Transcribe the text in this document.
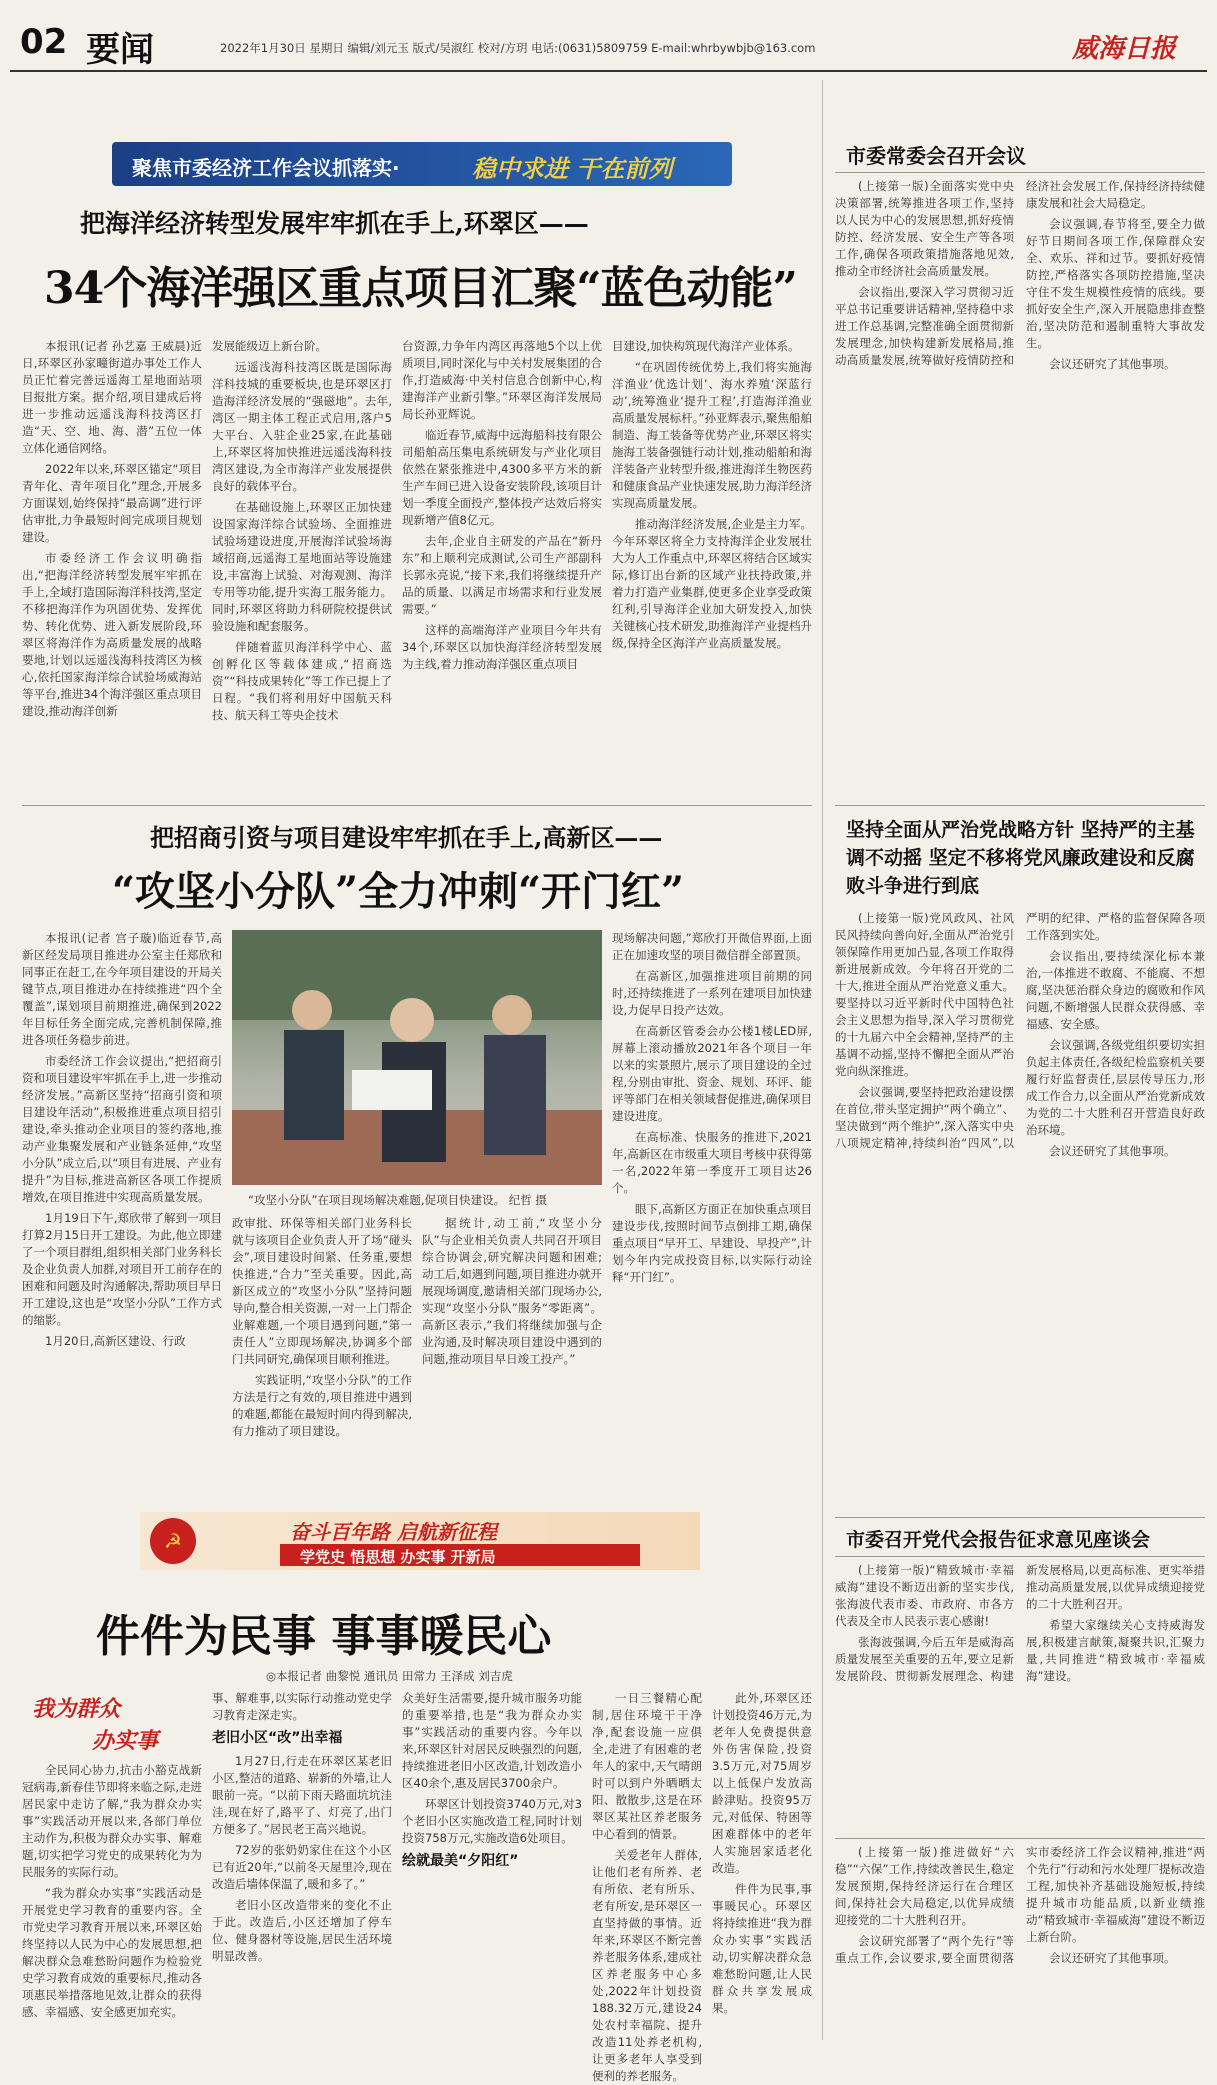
02 要闻	2022年1月30日 星期日 编辑/刘元玉 版式/吴淑红 校对/方玥 电话:(0631)5809759 E-mail:whrbywbjb@163.com	威海日报
聚焦市委经济工作会议抓落实·	稳中求进 干在前列
把海洋经济转型发展牢牢抓在手上,环翠区——
34个海洋强区重点项目汇聚“蓝色动能”

本报讯(记者 孙艺嘉 王威晨)近日,环翠区孙家疃街道办事处工作人员正忙着完善远遥海工星地面站项目报批方案。据介绍,项目建成后将进一步推动远遥浅海科技湾区打造“天、空、地、海、潜”五位一体立体化通信网络。

2022年以来,环翠区锚定“项目青年化、青年项目化”理念,开展多方面谋划,始终保持“最高调”进行评估审批,力争最短时间完成项目规划建设。

市委经济工作会议明确指出,“把海洋经济转型发展牢牢抓在手上,全域打造国际海洋科技湾,坚定不移把海洋作为巩固优势、发挥优势、转化优势、进入新发展阶段,环翠区将海洋作为高质量发展的战略要地,计划以远遥浅海科技湾区为核心,依托国家海洋综合试验场威海站等平台,推进34个海洋强区重点项目建设,推动海洋创新

发展能级迈上新台阶。

远遥浅海科技湾区既是国际海洋科技城的重要板块,也是环翠区打造海洋经济发展的“强磁地”。去年,湾区一期主体工程正式启用,落户5大平台、入驻企业25家,在此基础上,环翠区将加快推进远遥浅海科技湾区建设,为全市海洋产业发展提供良好的载体平台。

在基础设施上,环翠区正加快建设国家海洋综合试验场、全面推进试验场建设进度,开展海洋试验场海域招商,远遥海工星地面站等设施建设,丰富海上试验、对海观测、海洋专用等功能,提升实海工服务能力。同时,环翠区将助力科研院校提供试验设施和配套服务。

伴随着蓝贝海洋科学中心、蓝创孵化区等载体建成,“招商选资”“科技成果转化”等工作已提上了日程。“我们将利用好中国航天科技、航天科工等央企技术

台资源,力争年内湾区再落地5个以上优质项目,同时深化与中关村发展集团的合作,打造威海·中关村信息合创新中心,构建海洋产业新引擎。”环翠区海洋发展局局长孙亚辉说。

临近春节,威海中远海船科技有限公司船舶高压集电系统研发与产业化项目依然在紧张推进中,4300多平方米的新生产车间已进入设备安装阶段,该项目计划一季度全面投产,整体投产达效后将实现新增产值8亿元。

去年,企业自主研发的产品在“新丹东”和上顺利完成测试,公司生产部副科长郭永亮说,“接下来,我们将继续提升产品的质量、以满足市场需求和行业发展需要。”

这样的高端海洋产业项目今年共有34个,环翠区以加快海洋经济转型发展为主线,着力推动海洋强区重点项目

目建设,加快构筑现代海洋产业体系。

“在巩固传统优势上,我们将实施海洋渔业‘优选计划’、海水养殖‘深蓝行动’,统筹渔业‘提升工程’,打造海洋渔业高质量发展标杆。”孙亚辉表示,聚焦船舶制造、海工装备等优势产业,环翠区将实施海工装备强链行动计划,推动船舶和海洋装备产业转型升级,推进海洋生物医药和健康食品产业快速发展,助力海洋经济实现高质量发展。

推动海洋经济发展,企业是主力军。今年环翠区将全力支持海洋企业发展壮大为人工作重点中,环翠区将结合区域实际,修订出台新的区域产业扶持政策,并着力打造产业集群,使更多企业享受政策红利,引导海洋企业加大研发投入,加快关键核心技术研发,助推海洋产业提档升级,保持全区海洋产业高质量发展。

把招商引资与项目建设牢牢抓在手上,高新区——
“攻坚小分队”全力冲刺“开门红”

本报讯(记者 宫子璇)临近春节,高新区经发局项目推进办公室主任郑欣和同事正在赶工,在今年项目建设的开局关键节点,项目推进办在持续推进“四个全覆盖”,谋划项目前期推进,确保到2022年目标任务全面完成,完善机制保障,推进各项任务稳步前进。

市委经济工作会议提出,“把招商引资和项目建设牢牢抓在手上,进一步推动经济发展。”高新区坚持“招商引资和项目建设年活动”,积极推进重点项目招引建设,牵头推动企业项目的签约落地,推动产业集聚发展和产业链条延伸,“攻坚小分队”成立后,以“项目有进展、产业有提升”为目标,推进高新区各项工作提质增效,在项目推进中实现高质量发展。

1月19日下午,郑欣带了解到一项目打算2月15日开工建设。为此,他立即建了一个项目群组,组织相关部门业务科长及企业负责人加群,对项目开工前存在的困难和问题及时沟通解决,帮助项目早日开工建设,这也是“攻坚小分队”工作方式的缩影。

1月20日,高新区建设、行政

“攻坚小分队”在项目现场解决难题,促项目快建设。 纪哲 摄

政审批、环保等相关部门业务科长就与该项目企业负责人开了场“碰头会”,项目建设时间紧、任务重,要想快推进,“合力”至关重要。因此,高新区成立的“攻坚小分队”坚持问题导向,整合相关资源,一对一上门帮企业解难题,一个项目遇到问题,“第一责任人”立即现场解决,协调多个部门共同研究,确保项目顺利推进。

实践证明,“攻坚小分队”的工作方法是行之有效的,项目推进中遇到的难题,都能在最短时间内得到解决,有力推动了项目建设。

据统计,动工前,“攻坚小分队”与企业相关负责人共同召开项目综合协调会,研究解决问题和困难;动工后,如遇到问题,项目推进办就开展现场调度,邀请相关部门现场办公,实现“攻坚小分队”服务“零距离”。高新区表示,“我们将继续加强与企业沟通,及时解决项目建设中遇到的问题,推动项目早日竣工投产。”

现场解决问题,”郑欣打开微信界面,上面正在加速攻坚的项目微信群全部置顶。

在高新区,加强推进项目前期的同时,还持续推进了一系列在建项目加快建设,力促早日投产达效。

在高新区管委会办公楼1楼LED屏,屏幕上滚动播放2021年各个项目一年以来的实景照片,展示了项目建设的全过程,分别由审批、资金、规划、环评、能评等部门在相关领域督促推进,确保项目建设进度。

在高标准、快服务的推进下,2021年,高新区在市级重大项目考核中获得第一名,2022年第一季度开工项目达26个。

眼下,高新区方面正在加快重点项目建设步伐,按照时间节点倒排工期,确保重点项目“早开工、早建设、早投产”,计划今年内完成投资目标,以实际行动诠释“开门红”。

☭	奋斗百年路 启航新征程
学党史 悟思想 办实事 开新局
件件为民事 事事暖民心
◎本报记者 曲黎悦 通讯员 田常力 王泽成 刘吉虎
我为群众
办实事

全民同心协力,抗击小豁克战新冠病毒,新春佳节即将来临之际,走进居民家中走访了解,“我为群众办实事”实践活动开展以来,各部门单位主动作为,积极为群众办实事、解难题,切实把学习党史的成果转化为为民服务的实际行动。

“我为群众办实事”实践活动是开展党史学习教育的重要内容。全市党史学习教育开展以来,环翠区始终坚持以人民为中心的发展思想,把解决群众急难愁盼问题作为检验党史学习教育成效的重要标尺,推动各项惠民举措落地见效,让群众的获得感、幸福感、安全感更加充实。

事、解难事,以实际行动推动党史学习教育走深走实。

老旧小区“改”出幸福

1月27日,行走在环翠区某老旧小区,整洁的道路、崭新的外墙,让人眼前一亮。“以前下雨天路面坑坑洼洼,现在好了,路平了、灯亮了,出门方便多了。”居民老王高兴地说。

72岁的张奶奶家住在这个小区已有近20年,“以前冬天屋里冷,现在改造后墙体保温了,暖和多了。”

老旧小区改造带来的变化不止于此。改造后,小区还增加了停车位、健身器材等设施,居民生活环境明显改善。

众美好生活需要,提升城市服务功能的重要举措,也是“我为群众办实事”实践活动的重要内容。今年以来,环翠区针对居民反映强烈的问题,持续推进老旧小区改造,计划改造小区40余个,惠及居民3700余户。

环翠区计划投资3740万元,对3个老旧小区实施改造工程,同时计划投资758万元,实施改造6处项目。

绘就最美“夕阳红”

一日三餐精心配制,居住环境干干净净,配套设施一应俱全,走进了有困难的老年人的家中,天气晴朗时可以到户外晒晒太阳、散散步,这是在环翠区某社区养老服务中心看到的情景。

关爱老年人群体,让他们老有所养、老有所依、老有所乐、老有所安,是环翠区一直坚持做的事情。近年来,环翠区不断完善养老服务体系,建成社区养老服务中心多处,2022年计划投资188.32万元,建设24处农村幸福院、提升改造11处养老机构,让更多老年人享受到便利的养老服务。

此外,环翠区还计划投资46万元,为老年人免费提供意外伤害保险,投资3.5万元,对75周岁以上低保户发放高龄津贴。投资95万元,对低保、特困等困难群体中的老年人实施居家适老化改造。

件件为民事,事事暖民心。环翠区将持续推进“我为群众办实事”实践活动,切实解决群众急难愁盼问题,让人民群众共享发展成果。

市委常委会召开会议

(上接第一版)全面落实党中央决策部署,统筹推进各项工作,坚持以人民为中心的发展思想,抓好疫情防控、经济发展、安全生产等各项工作,确保各项政策措施落地见效,推动全市经济社会高质量发展。

会议指出,要深入学习贯彻习近平总书记重要讲话精神,坚持稳中求进工作总基调,完整准确全面贯彻新发展理念,加快构建新发展格局,推动高质量发展,统筹做好疫情防控和经济社会发展工作,保持经济持续健康发展和社会大局稳定。

会议强调,春节将至,要全力做好节日期间各项工作,保障群众安全、欢乐、祥和过节。要抓好疫情防控,严格落实各项防控措施,坚决守住不发生规模性疫情的底线。要抓好安全生产,深入开展隐患排查整治,坚决防范和遏制重特大事故发生。

会议还研究了其他事项。

坚持全面从严治党战略方针 坚持严的主基调不动摇 坚定不移将党风廉政建设和反腐败斗争进行到底

(上接第一版)党风政风、社风民风持续向善向好,全面从严治党引领保障作用更加凸显,各项工作取得新进展新成效。今年将召开党的二十大,推进全面从严治党意义重大。要坚持以习近平新时代中国特色社会主义思想为指导,深入学习贯彻党的十九届六中全会精神,坚持严的主基调不动摇,坚持不懈把全面从严治党向纵深推进。

会议强调,要坚持把政治建设摆在首位,带头坚定拥护“两个确立”、坚决做到“两个维护”,深入落实中央八项规定精神,持续纠治“四风”,以严明的纪律、严格的监督保障各项工作落到实处。

会议指出,要持续深化标本兼治,一体推进不敢腐、不能腐、不想腐,坚决惩治群众身边的腐败和作风问题,不断增强人民群众获得感、幸福感、安全感。

会议强调,各级党组织要切实担负起主体责任,各级纪检监察机关要履行好监督责任,层层传导压力,形成工作合力,以全面从严治党新成效为党的二十大胜利召开营造良好政治环境。

会议还研究了其他事项。

市委召开党代会报告征求意见座谈会

(上接第一版)“精致城市·幸福威海”建设不断迈出新的坚实步伐,张海波代表市委、市政府、市各方代表及全市人民表示衷心感谢!

张海波强调,今后五年是威海高质量发展至关重要的五年,要立足新发展阶段、贯彻新发展理念、构建新发展格局,以更高标准、更实举措推动高质量发展,以优异成绩迎接党的二十大胜利召开。

希望大家继续关心支持威海发展,积极建言献策,凝聚共识,汇聚力量,共同推进“精致城市·幸福威海”建设。

(上接第一版)推进做好“六稳”“六保”工作,持续改善民生,稳定发展预期,保持经济运行在合理区间,保持社会大局稳定,以优异成绩迎接党的二十大胜利召开。

会议研究部署了“两个先行”等重点工作,会议要求,要全面贯彻落实市委经济工作会议精神,推进“两个先行”行动和污水处理厂提标改造工程,加快补齐基础设施短板,持续提升城市功能品质,以新业绩推动“精致城市·幸福威海”建设不断迈上新台阶。

会议还研究了其他事项。
